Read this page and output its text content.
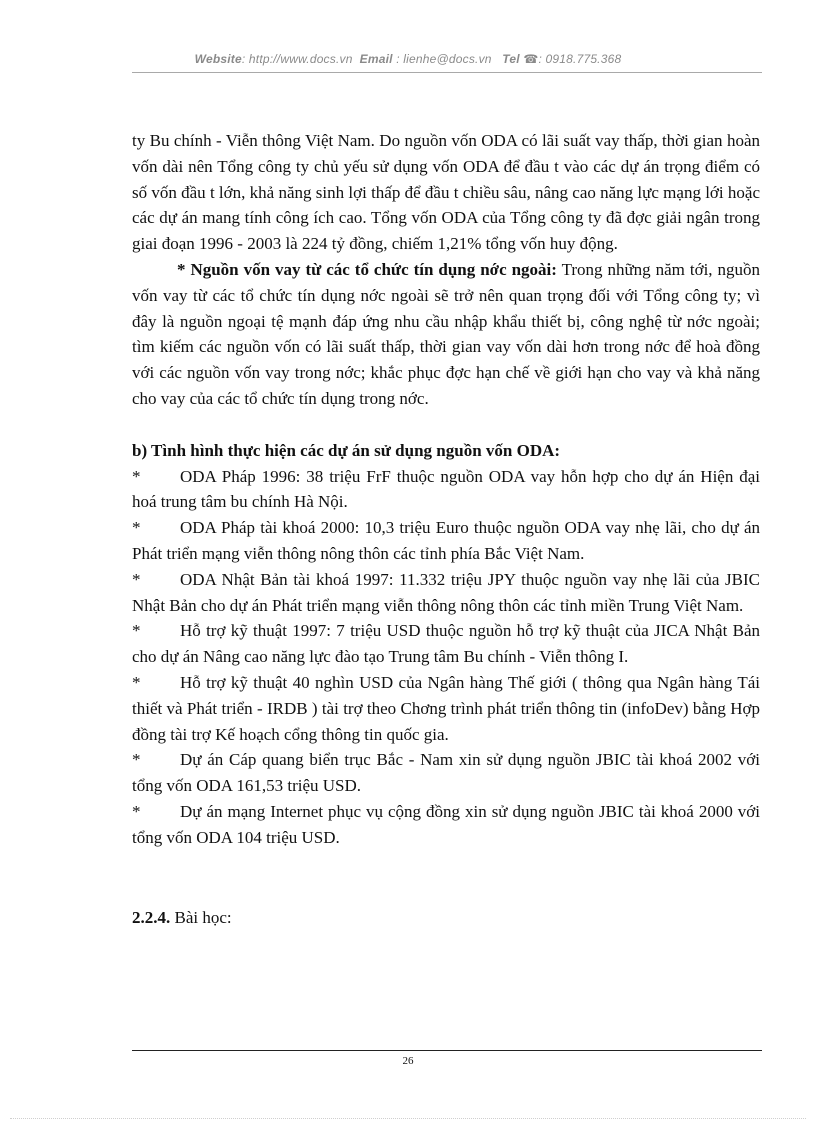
Website: http://www.docs.vn Email : lienhe@docs.vn Tel ☎: 0918.775.368

ty Bu chính - Viễn thông Việt Nam. Do nguồn vốn ODA có lãi suất vay thấp, thời gian hoàn vốn dài nên Tổng công ty chủ yếu sử dụng vốn ODA để đầu t vào các dự án trọng điểm có số vốn đầu t lớn, khả năng sinh lợi thấp để đầu t chiều sâu, nâng cao năng lực mạng lới hoặc các dự án mang tính công ích cao. Tổng vốn ODA của Tổng công ty đã đợc giải ngân trong giai đoạn 1996 - 2003 là 224 tỷ đồng, chiếm 1,21% tổng vốn huy động.

* Nguồn vốn vay từ các tổ chức tín dụng nớc ngoài: Trong những năm tới, nguồn vốn vay từ các tổ chức tín dụng nớc ngoài sẽ trở nên quan trọng đối với Tổng công ty; vì đây là nguồn ngoại tệ mạnh đáp ứng nhu cầu nhập khẩu thiết bị, công nghệ từ nớc ngoài; tìm kiếm các nguồn vốn có lãi suất thấp, thời gian vay vốn dài hơn trong nớc để hoà đồng với các nguồn vốn vay trong nớc; khắc phục đợc hạn chế về giới hạn cho vay và khả năng cho vay của các tổ chức tín dụng trong nớc.

b) Tình hình thực hiện các dự án sử dụng nguồn vốn ODA:

* ODA Pháp 1996: 38 triệu FrF thuộc nguồn ODA vay hỗn hợp cho dự án Hiện đại hoá trung tâm bu chính Hà Nội.

* ODA Pháp tài khoá 2000: 10,3 triệu Euro thuộc nguồn ODA vay nhẹ lãi, cho dự án Phát triển mạng viễn thông nông thôn các tỉnh phía Bắc Việt Nam.

* ODA Nhật Bản tài khoá 1997: 11.332 triệu JPY thuộc nguồn vay nhẹ lãi của JBIC Nhật Bản cho dự án Phát triển mạng viễn thông nông thôn các tỉnh miền Trung Việt Nam.

* Hỗ trợ kỹ thuật 1997: 7 triệu USD thuộc nguồn hỗ trợ kỹ thuật của JICA Nhật Bản cho dự án Nâng cao năng lực đào tạo Trung tâm Bu chính - Viễn thông I.

* Hỗ trợ kỹ thuật 40 nghìn USD của Ngân hàng Thế giới ( thông qua Ngân hàng Tái thiết và Phát triển - IRDB ) tài trợ theo Chơng trình phát triển thông tin (infoDev) bằng Hợp đồng tài trợ Kế hoạch cổng thông tin quốc gia.

* Dự án Cáp quang biển trục Bắc - Nam xin sử dụng nguồn JBIC tài khoá 2002 với tổng vốn ODA 161,53 triệu USD.

* Dự án mạng Internet phục vụ cộng đồng xin sử dụng nguồn JBIC tài khoá 2000 với tổng vốn ODA 104 triệu USD.

2.2.4. Bài học:

26
